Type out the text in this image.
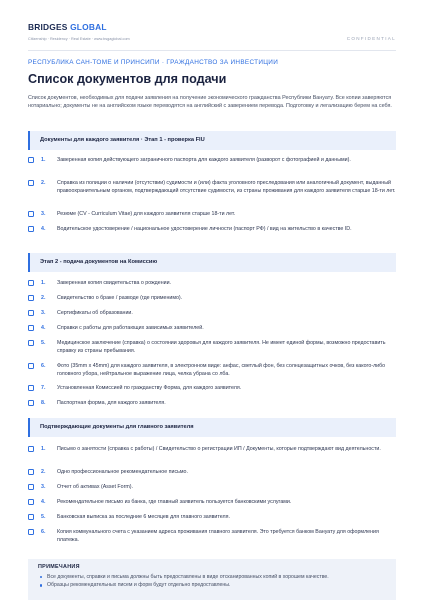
BRIDGES GLOBAL
Citizenship · Residency · Real Estate · www.bsgaglobal.com	CONFIDENTIAL
РЕСПУБЛИКА САН-ТОМЕ И ПРИНСИПИ · ГРАЖДАНСТВО ЗА ИНВЕСТИЦИИ
Список документов для подачи
Список документов, необходимых для подачи заявления на получение экономического гражданства Республики Вануату. Все копии заверяются нотариально; документы не на английском языке переводятся на английский с заверением перевода. Подготовку и легализацию берем на себя.
Документы для каждого заявителя · Этап 1 - проверка FIU
1. Заверенная копия действующего заграничного паспорта для каждого заявителя (разворот с фотографией и данными).
2. Справка из полиции о наличии (отсутствии) судимости и (или) факта уголовного преследования или аналогичный документ, выданный правоохранительным органом, подтверждающий отсутствие судимости, из страны проживания для каждого заявителя старше 18-ти лет.
3. Резюме (CV - Curriculum Vitae) для каждого заявителя старше 18-ти лет.
4. Водительское удостоверение / национальное удостоверение личности (паспорт РФ) / вид на жительство в качестве ID.
Этап 2 - подача документов на Комиссию
1. Заверенная копия свидетельства о рождении.
2. Свидетельство о браке / разводе (где применимо).
3. Сертификаты об образовании.
4. Справки с работы для работающих зависимых заявителей.
5. Медицинское заключение (справка) о состоянии здоровья для каждого заявителя. Не имеет единой формы, возможно предоставить справку из страны пребывания.
6. Фото (35mm x 45mm) для каждого заявителя, в электронном виде: анфас, светлый фон, без солнцезащитных очков, без какого-либо головного убора, нейтральное выражение лица, челка убрана со лба.
7. Установленная Комиссией по гражданству Форма, для каждого заявителя.
8. Паспортная форма, для каждого заявителя.
Подтверждающие документы для главного заявителя
1. Письмо о занятости (справка с работы) / Свидетельство о регистрации ИП / Документы, которые подтверждают вид деятельности.
2. Одно профессиональное рекомендательное письмо.
3. Отчет об активах (Asset Form).
4. Рекомендательное письмо из банка, где главный заявитель пользуется банковскими услугами.
5. Банковская выписка за последние 6 месяцев для главного заявителя.
6. Копия коммунального счета с указанием адреса проживания главного заявителя. Это требуется банком Вануату для оформления платежа.
ПРИМЕЧАНИЯ
Все документы, справки и письма должны быть предоставлены в виде отсканированных копий в хорошем качестве.
Образцы рекомендательных писем и форм будут отдельно предоставлены.
